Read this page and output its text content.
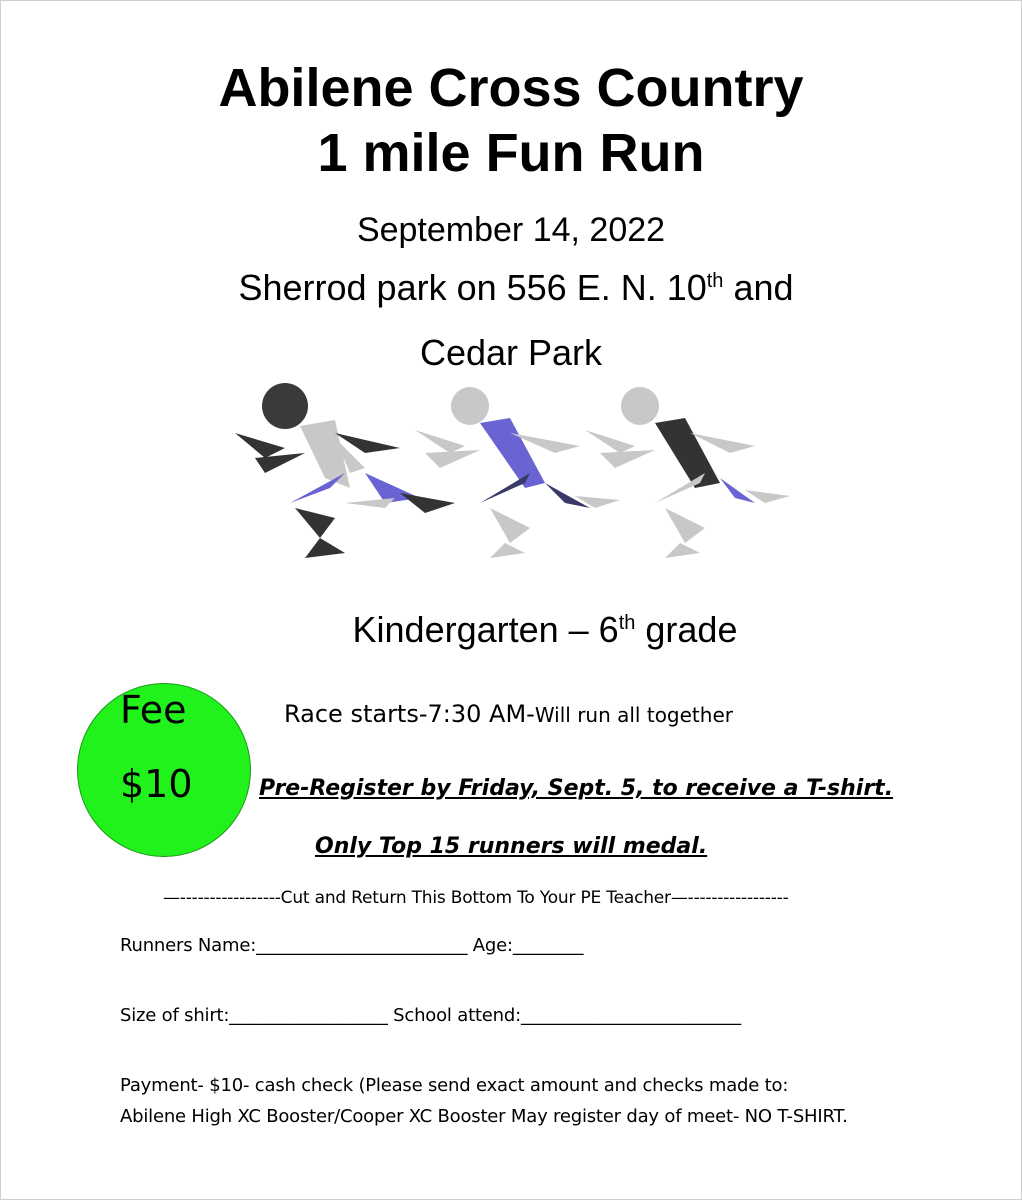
Abilene Cross Country
1 mile Fun Run
September 14, 2022
Sherrod park on 556 E. N. 10th and
Cedar Park
Kindergarten – 6th grade
Fee
$10
Race starts-7:30 AM-Will run all together
Pre-Register by Friday, Sept. 5, to receive a T-shirt.
Only Top 15 runners will medal.
—-----------------Cut and Return This Bottom To Your PE Teacher—-----------------
Runners Name:________________________ Age:________
Size of shirt:__________________ School attend:_________________________
Payment- $10- cash check (Please send exact amount and checks made to:
Abilene High XC Booster/Cooper XC Booster May register day of meet- NO T-SHIRT.
